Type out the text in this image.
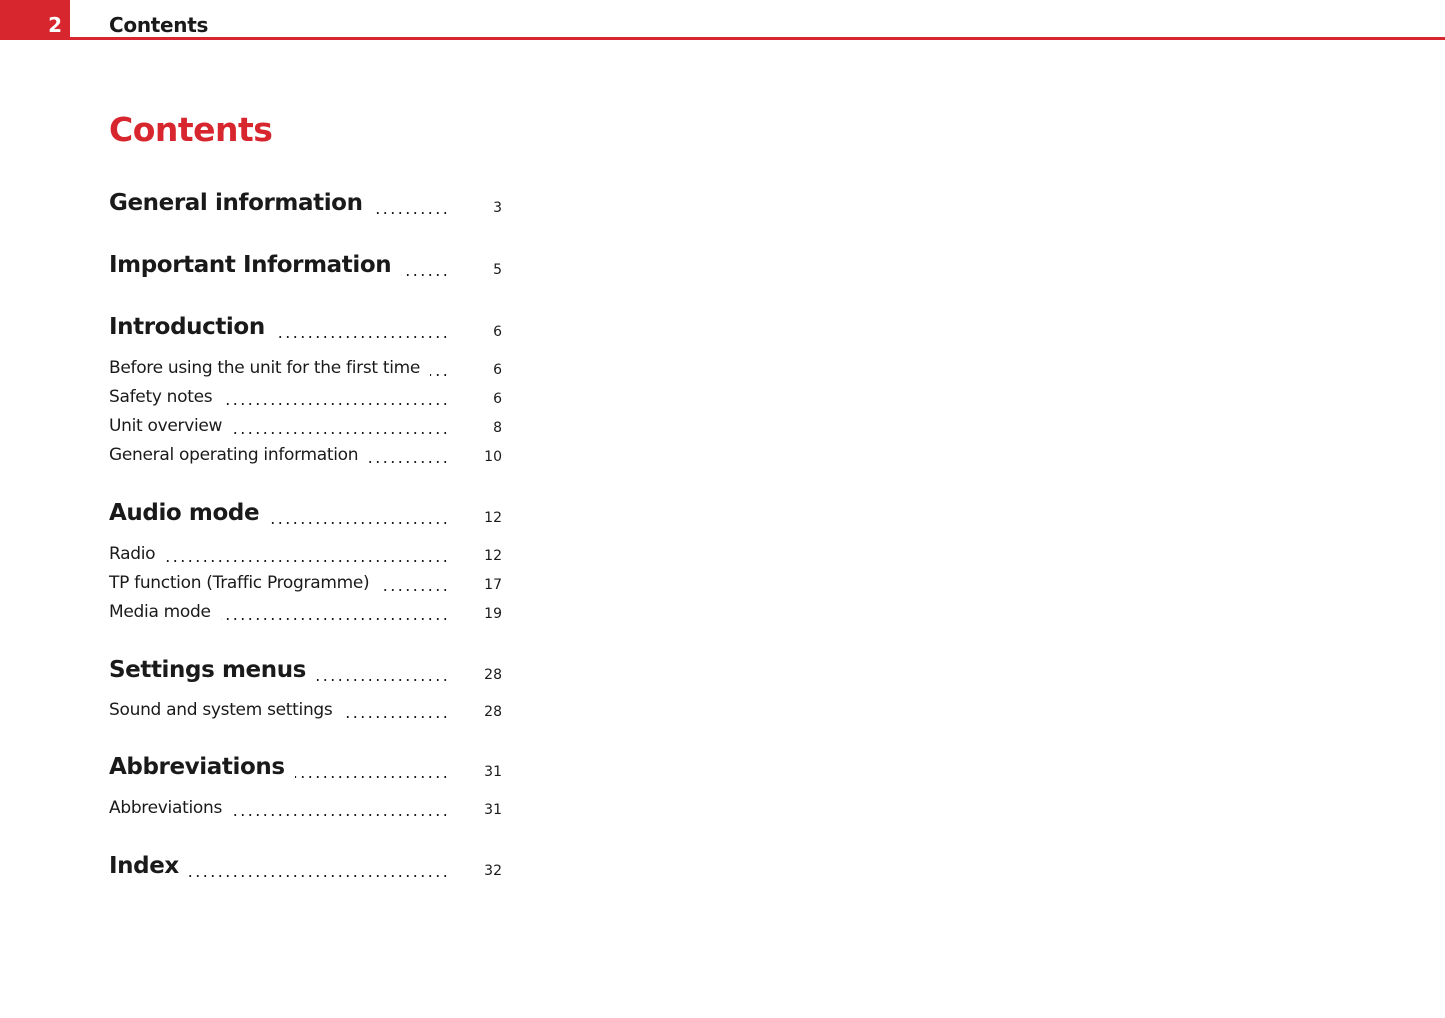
2	Contents
Contents
General information	3
Important Information	5
Introduction	6
Before using the unit for the first time	6
Safety notes	6
Unit overview	8
General operating information	10
Audio mode	12
Radio	12
TP function (Traffic Programme)	17
Media mode	19
Settings menus	28
Sound and system settings	28
Abbreviations	31
Abbreviations	31
Index	32
